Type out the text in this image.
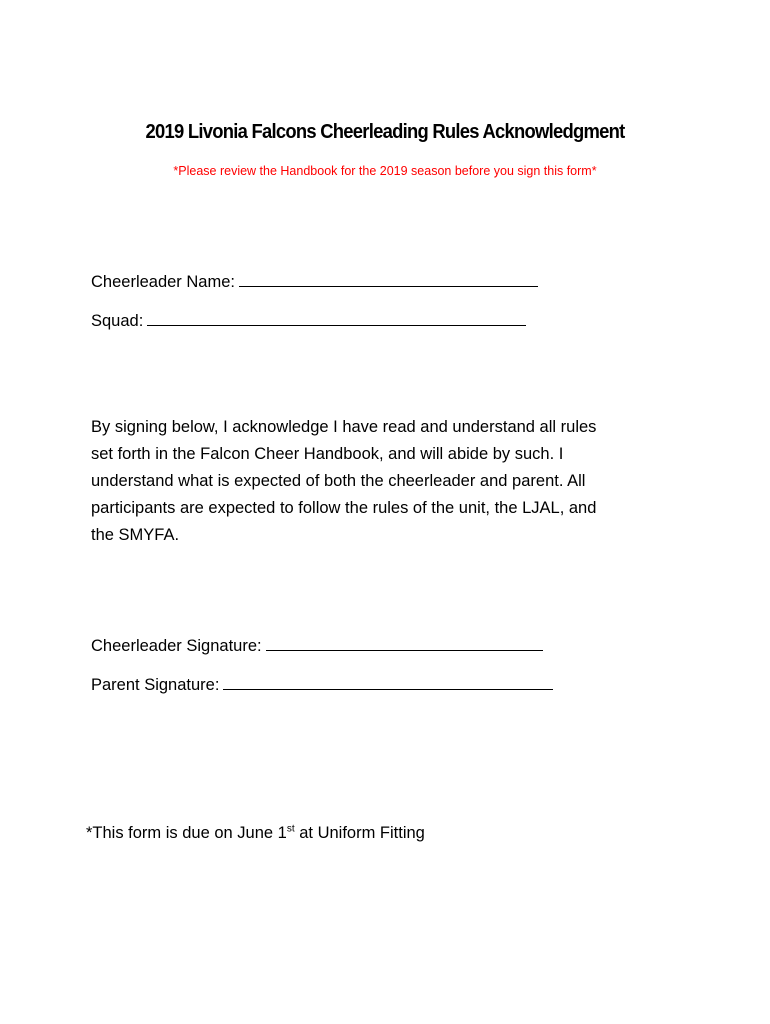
2019 Livonia Falcons Cheerleading Rules Acknowledgment
*Please review the Handbook for the 2019 season before you sign this form*
Cheerleader Name:
Squad:
By signing below, I acknowledge I have read and understand all rules
set forth in the Falcon Cheer Handbook, and will abide by such. I
understand what is expected of both the cheerleader and parent. All
participants are expected to follow the rules of the unit, the LJAL, and
the SMYFA.
Cheerleader Signature:
Parent Signature:
*This form is due on June 1st at Uniform Fitting
